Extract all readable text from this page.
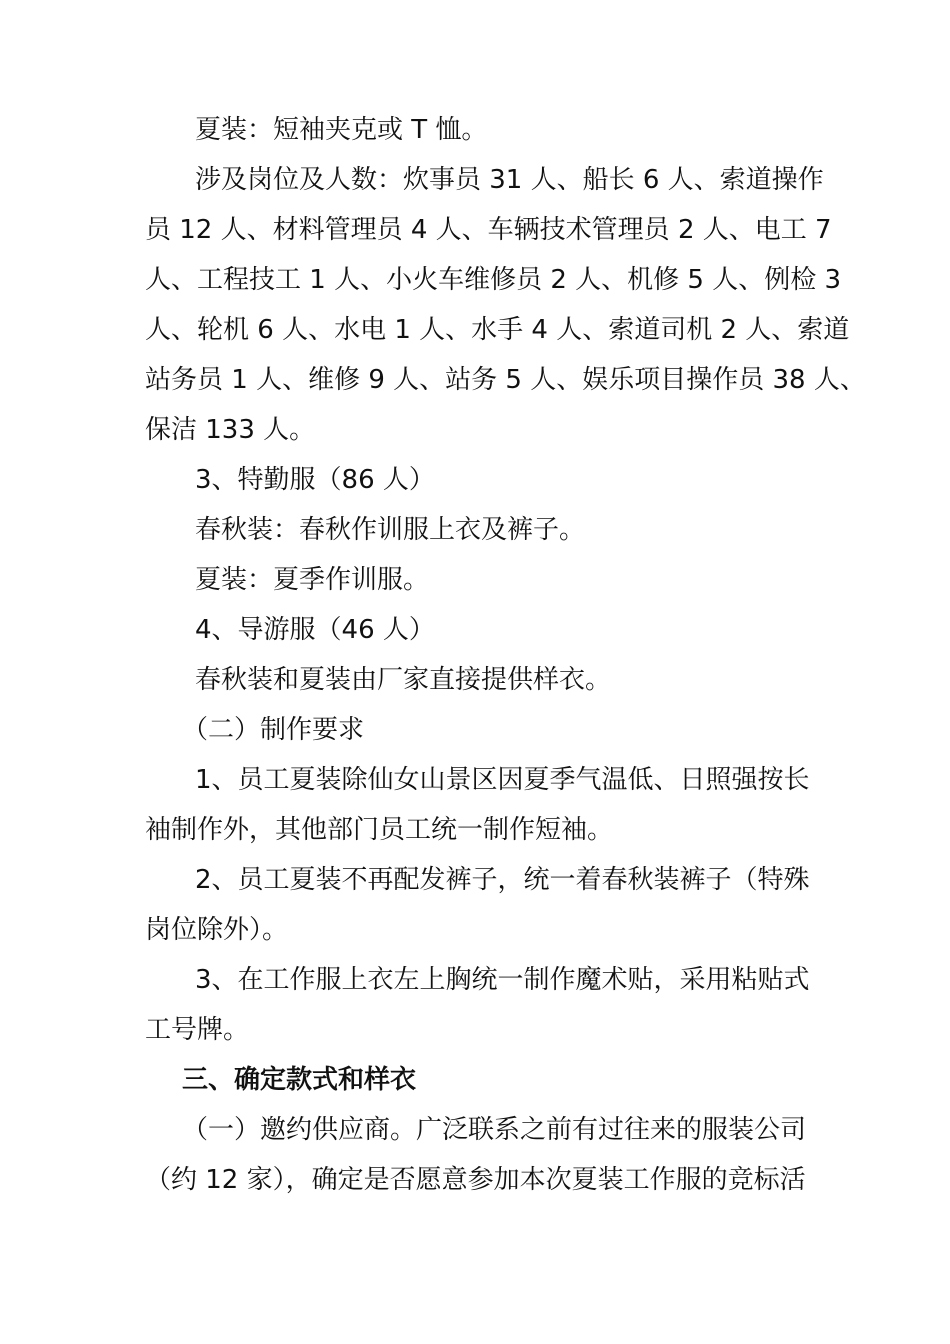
夏装：短袖夹克或 T 恤。
涉及岗位及人数：炊事员 31 人、船长 6 人、索道操作
员 12 人、材料管理员 4 人、车辆技术管理员 2 人、电工 7
人、工程技工 1 人、小火车维修员 2 人、机修 5 人、例检 3
人、轮机 6 人、水电 1 人、水手 4 人、索道司机 2 人、索道
站务员 1 人、维修 9 人、站务 5 人、娱乐项目操作员 38 人、
保洁 133 人。
3、特勤服（86 人）
春秋装：春秋作训服上衣及裤子。
夏装：夏季作训服。
4、导游服（46 人）
春秋装和夏装由厂家直接提供样衣。
（二）制作要求
1、员工夏装除仙女山景区因夏季气温低、日照强按长
袖制作外，其他部门员工统一制作短袖。
2、员工夏装不再配发裤子，统一着春秋装裤子（特殊
岗位除外）。
3、在工作服上衣左上胸统一制作魔术贴，采用粘贴式
工号牌。
三、确定款式和样衣
（一）邀约供应商。广泛联系之前有过往来的服装公司
（约 12 家），确定是否愿意参加本次夏装工作服的竞标活
